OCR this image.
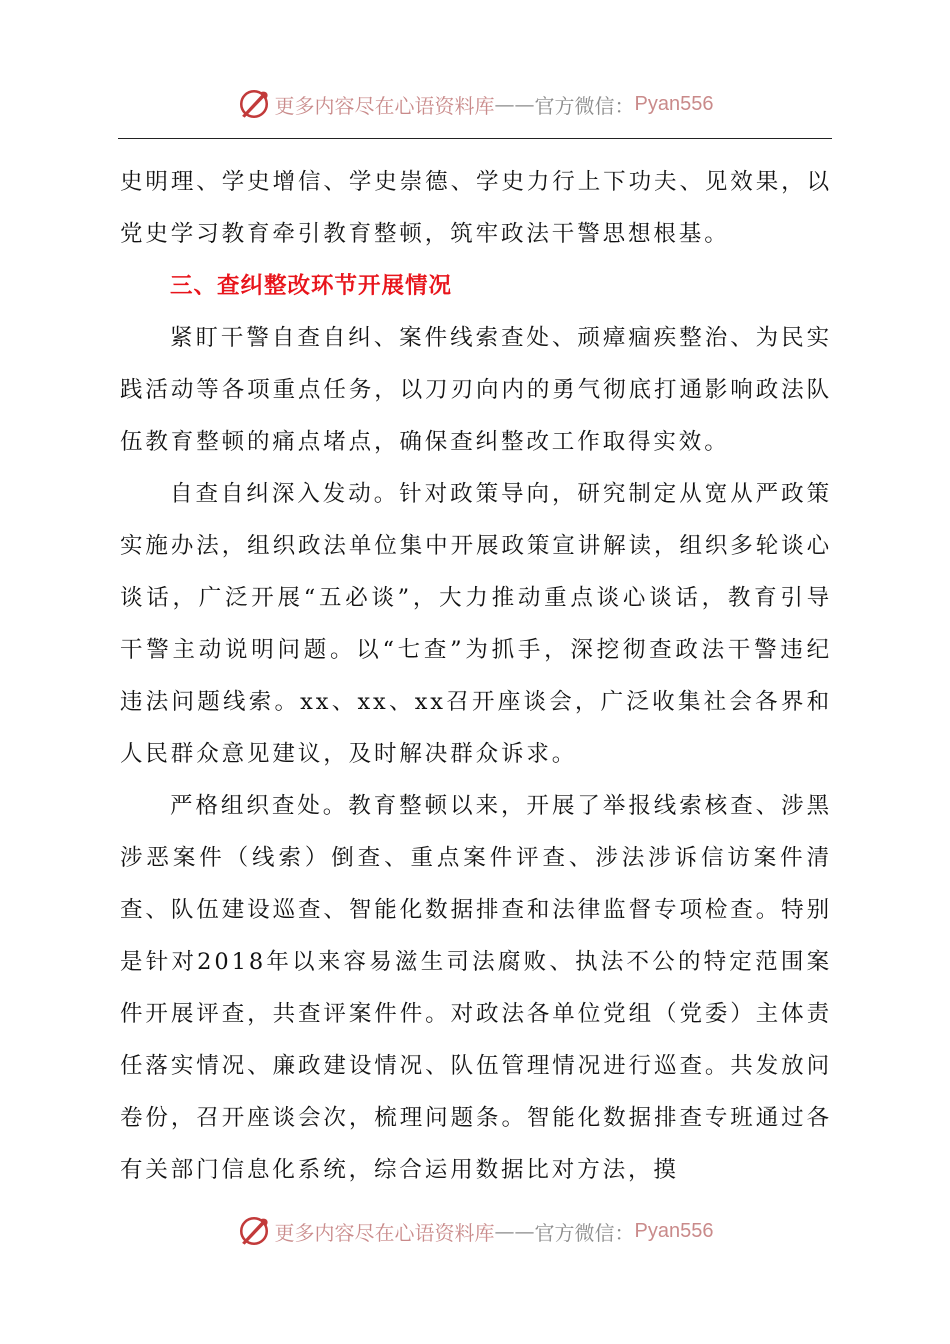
更多内容尽在心语资料库 —— 官方微信： Pyan556

史明理、学史增信、学史崇德、学史力行上下功夫、见效果，以党史学习教育牵引教育整顿，筑牢政法干警思想根基。

三、查纠整改环节开展情况

紧盯干警自查自纠、案件线索查处、顽瘴痼疾整治、为民实践活动等各项重点任务，以刀刃向内的勇气彻底打通影响政法队伍教育整顿的痛点堵点，确保查纠整改工作取得实效。

自查自纠深入发动。针对政策导向，研究制定从宽从严政策实施办法，组织政法单位集中开展政策宣讲解读，组织多轮谈心谈话，广泛开展“五必谈”，大力推动重点谈心谈话，教育引导干警主动说明问题。以“七查”为抓手，深挖彻查政法干警违纪违法问题线索。xx、xx、xx召开座谈会，广泛收集社会各界和人民群众意见建议，及时解决群众诉求。

严格组织查处。教育整顿以来，开展了举报线索核查、涉黑涉恶案件（线索）倒查、重点案件评查、涉法涉诉信访案件清查、队伍建设巡查、智能化数据排查和法律监督专项检查。特别是针对2018年以来容易滋生司法腐败、执法不公的特定范围案件开展评查，共查评案件件。对政法各单位党组（党委）主体责任落实情况、廉政建设情况、队伍管理情况进行巡查。共发放问卷份，召开座谈会次，梳理问题条。智能化数据排查专班通过各有关部门信息化系统，综合运用数据比对方法，摸

更多内容尽在心语资料库 —— 官方微信： Pyan556
